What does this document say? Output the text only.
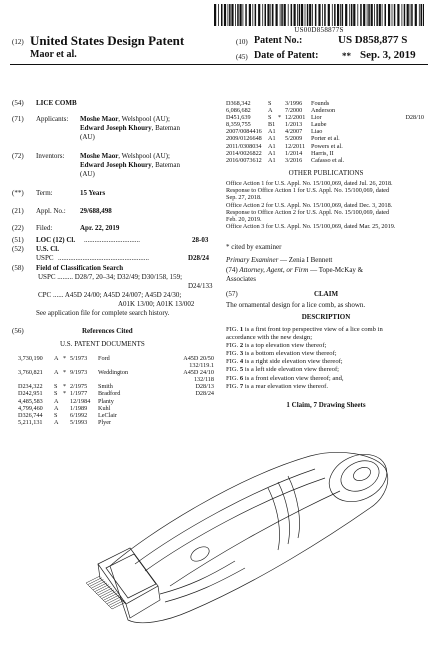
US00D858877S
(12) United States Design Patent
Maor et al.
(10) Patent No.:	US D858,877 S
(45) Date of Patent:	** Sep. 3, 2019
(54) LICE COMB
(71) Applicants: Moshe Maor, Welshpool (AU);
Edward Joseph Khoury, Bateman
(AU)
(72) Inventors: Moshe Maor, Welshpool (AU);
Edward Joseph Khoury, Bateman
(AU)
(**) Term:	15 Years
(21) Appl. No.: 29/688,498
(22) Filed:	Apr. 22, 2019
(51) LOC (12) Cl. ................................	28-03
(52) U.S. Cl.
USPC ....................................................	D28/24
(58) Field of Classification Search
USPC ......... D28/7, 20–34; D32/49; D30/158, 159;
D24/133
CPC ...... A45D 24/00; A45D 24/007; A45D 24/30;
A01K 13/00; A01K 13/002
See application file for complete search history.
(56)	References Cited
U.S. PATENT DOCUMENTS
3,730,190	A	*	5/1973	Ford	A45D 20/50
					132/119.1
3,760,821	A	*	9/1973	Weddington	A45D 24/10
					132/118
D234,322	S	*	2/1975	Smith	D28/13
D242,951	S	*	1/1977	Bradford	D28/24
4,485,583	A		12/1984	Planty	
4,799,460	A		1/1989	Kuhl	
D326,744	S		6/1992	LeClair	
5,211,131	A		5/1993	Plyer	
D368,342	S		3/1996	Founds	
6,086,682	A		7/2000	Anderson	
D451,639	S	*	12/2001	Lior	D28/10
8,359,755	B1		1/2013	Laube	
2007/0084416	A1		4/2007	Liao	
2009/0126648	A1		5/2009	Porter et al.	
2011/0308034	A1		12/2011	Powers et al.	
2014/0026822	A1		1/2014	Harris, II	
2016/0073612	A1		3/2016	Cafasso et al.	
OTHER PUBLICATIONS
Office Action 1 for U.S. Appl. No. 15/100,069, dated Jul. 26, 2018.
Response to Office Action 1 for U.S. Appl. No. 15/100,069, dated
Sep. 27, 2018.
Office Action 2 for U.S. Appl. No. 15/100,069, dated Dec. 3, 2018.
Response to Office Action 2 for U.S. Appl. No. 15/100,069, dated
Feb. 20, 2019.
Office Action 3 for U.S. Appl. No. 15/100,069, dated Mar. 25, 2019.
* cited by examiner
Primary Examiner — Zenia I Bennett
(74) Attorney, Agent, or Firm — Tope-McKay &
Associates
(57)	CLAIM
The ornamental design for a lice comb, as shown.
DESCRIPTION
FIG. 1 is a first front top perspective view of a lice comb in
accordance with the new design;
FIG. 2 is a top elevation view thereof;
FIG. 3 is a bottom elevation view thereof;
FIG. 4 is a right side elevation view thereof;
FIG. 5 is a left side elevation view thereof;
FIG. 6 is a front elevation view thereof; and,
FIG. 7 is a rear elevation view thereof.
1 Claim, 7 Drawing Sheets
